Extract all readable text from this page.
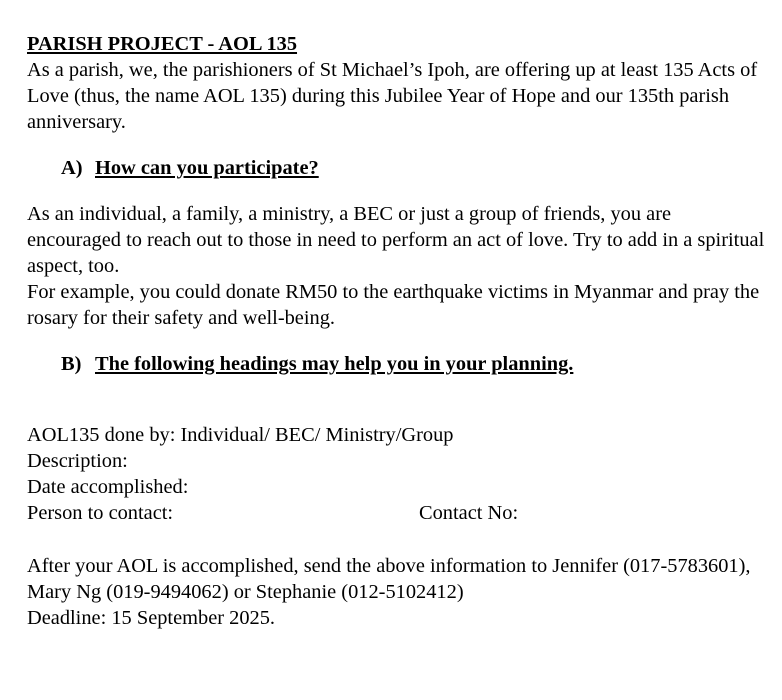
PARISH PROJECT - AOL 135

As a parish, we, the parishioners of St Michael’s Ipoh, are offering up at least 135 Acts of Love (thus, the name AOL 135) during this Jubilee Year of Hope and our 135th parish anniversary.

A) How can you participate?

As an individual, a family, a ministry, a BEC or just a group of friends, you are encouraged to reach out to those in need to perform an act of love. Try to add in a spiritual aspect, too.

For example, you could donate RM50 to the earthquake victims in Myanmar and pray the rosary for their safety and well-being.

B) The following headings may help you in your planning.

AOL135 done by: Individual/ BEC/ Ministry/Group

Description:

Date accomplished:

Person to contact:	Contact No:

After your AOL is accomplished, send the above information to Jennifer (017-5783601), Mary Ng (019-9494062) or Stephanie (012-5102412)

Deadline: 15 September 2025.
